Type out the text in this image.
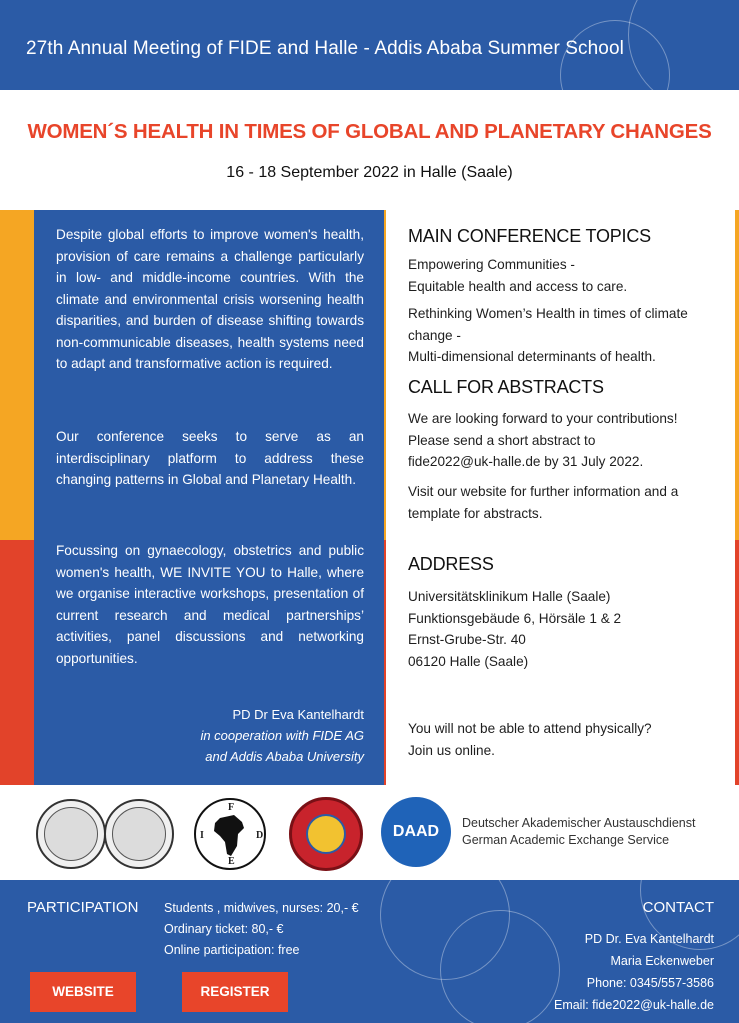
27th Annual Meeting of FIDE and Halle - Addis Ababa Summer School
WOMEN´S HEALTH IN TIMES OF GLOBAL AND PLANETARY CHANGES
16 - 18 September 2022 in Halle (Saale)

Despite global efforts to improve women's health, provision of care remains a challenge particularly in low- and middle-income countries. With the climate and environmental crisis worsening health disparities, and burden of disease shifting towards non-communicable diseases, health systems need to adapt and transformative action is required.

Our conference seeks to serve as an interdisciplinary platform to address these changing patterns in Global and Planetary Health.

Focussing on gynaecology, obstetrics and public women's health, WE INVITE YOU to Halle, where we organise interactive workshops, presentation of current research and medical partnerships’ activities, panel discussions and networking opportunities.

PD Dr Eva Kantelhardt
in cooperation with FIDE AG
and Addis Ababa University
MAIN CONFERENCE TOPICS
Empowering Communities -
Equitable health and access to care.
Rethinking Women’s Health in times of climate change -
Multi-dimensional determinants of health.
CALL FOR ABSTRACTS
We are looking forward to your contributions!
Please send a short abstract to
fide2022@uk-halle.de by 31 July 2022.
Visit our website for further information and a template for abstracts.
ADDRESS
Universitätsklinikum Halle (Saale)
Funktionsgebäude 6, Hörsäle 1 & 2
Ernst-Grube-Str. 40
06120 Halle (Saale)
You will not be able to attend physically?
Join us online.
F
I	D
E
DAAD	Deutscher Akademischer Austauschdienst
German Academic Exchange Service
PARTICIPATION Students , midwives, nurses: 20,- €
Ordinary ticket: 80,- €
Online participation: free
WEBSITE	REGISTER
CONTACT
PD Dr. Eva Kantelhardt
Maria Eckenweber
Phone: 0345/557-3586
Email: fide2022@uk-halle.de
